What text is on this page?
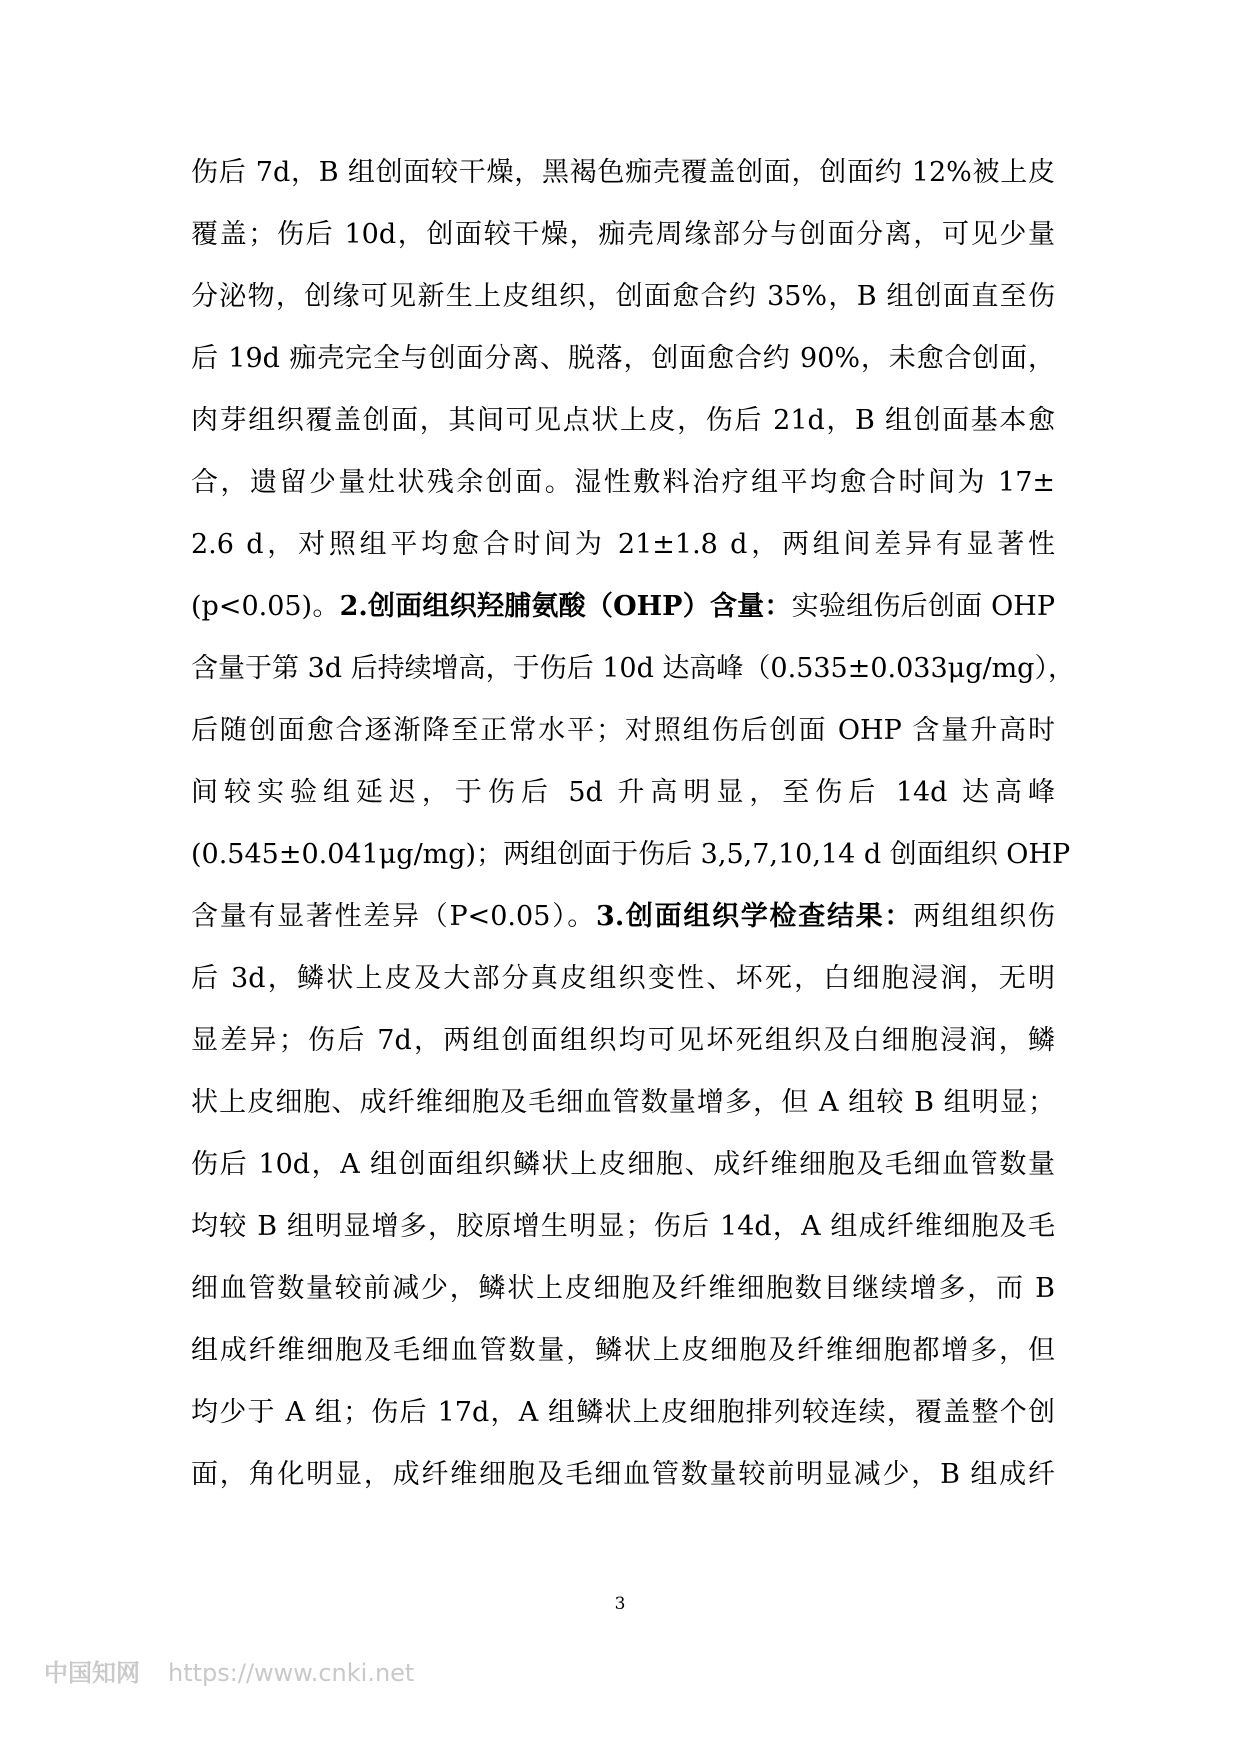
伤后 7d，B 组创面较干燥，黑褐色痂壳覆盖创面，创面约 12%被上皮
覆盖；伤后 10d，创面较干燥，痂壳周缘部分与创面分离，可见少量
分泌物，创缘可见新生上皮组织，创面愈合约 35%，B 组创面直至伤
后 19d 痂壳完全与创面分离、脱落，创面愈合约 90%，未愈合创面，
肉芽组织覆盖创面，其间可见点状上皮，伤后 21d，B 组创面基本愈
合，遗留少量灶状残余创面。湿性敷料治疗组平均愈合时间为 17±
2.6 d，对照组平均愈合时间为 21±1.8 d，两组间差异有显著性
(p<0.05)。2.创面组织羟脯氨酸（OHP）含量：实验组伤后创面 OHP
含量于第 3d 后持续增高，于伤后 10d 达高峰（0.535±0.033μg/mg），
后随创面愈合逐渐降至正常水平；对照组伤后创面 OHP 含量升高时
间较实验组延迟，于伤后 5d 升高明显，至伤后 14d 达高峰
(0.545±0.041μg/mg)；两组创面于伤后 3,5,7,10,14 d 创面组织 OHP
含量有显著性差异（P<0.05）。3.创面组织学检查结果：两组组织伤
后 3d，鳞状上皮及大部分真皮组织变性、坏死，白细胞浸润，无明
显差异；伤后 7d，两组创面组织均可见坏死组织及白细胞浸润，鳞
状上皮细胞、成纤维细胞及毛细血管数量增多，但 A 组较 B 组明显；
伤后 10d，A 组创面组织鳞状上皮细胞、成纤维细胞及毛细血管数量
均较 B 组明显增多，胶原增生明显；伤后 14d，A 组成纤维细胞及毛
细血管数量较前减少，鳞状上皮细胞及纤维细胞数目继续增多，而 B
组成纤维细胞及毛细血管数量，鳞状上皮细胞及纤维细胞都增多，但
均少于 A 组；伤后 17d，A 组鳞状上皮细胞排列较连续，覆盖整个创
面，角化明显，成纤维细胞及毛细血管数量较前明显减少，B 组成纤
3
中国知网 https://www.cnki.net
